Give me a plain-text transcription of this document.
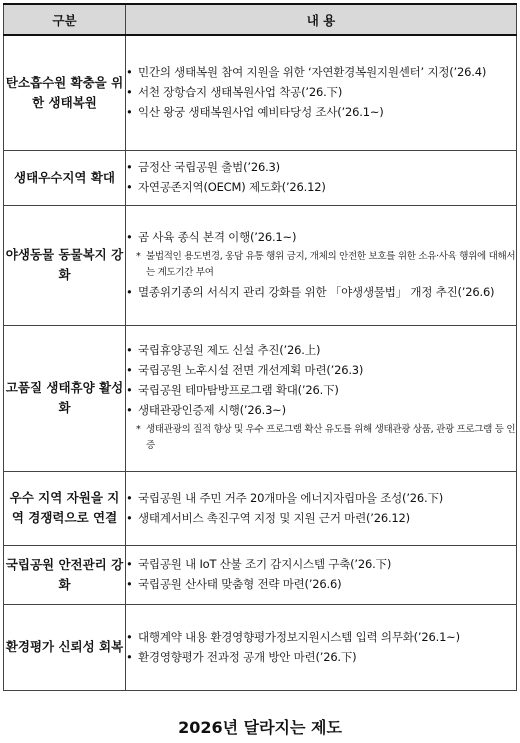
구분	내 용
탄소흡수원 확충을 위한 생태복원	• 민간의 생태복원 참여 지원을 위한 ‘자연환경복원지원센터’ 지정(’26.4)
• 서천 장항습지 생태복원사업 착공(’26.下)
• 익산 왕궁 생태복원사업 예비타당성 조사(’26.1~)

생태우수지역 확대	• 금정산 국립공원 출범(’26.3)
• 자연공존지역(OECM) 제도화(’26.12)

야생동물 동물복지 강화	• 곰 사육 종식 본격 이행(’26.1~)
* 불법적인 용도변경, 웅담 유통 행위 금지, 개체의 안전한 보호를 위한 소유·사육 행위에 대해서는 계도기간 부여
• 멸종위기종의 서식지 관리 강화를 위한 「야생생물법」 개정 추진(’26.6)

고품질 생태휴양 활성화	• 국립휴양공원 제도 신설 추진(’26.上)
• 국립공원 노후시설 전면 개선계획 마련(’26.3)
• 국립공원 테마탐방프로그램 확대(’26.下)
• 생태관광인증제 시행(’26.3~)
* 생태관광의 질적 향상 및 우수 프로그램 확산 유도를 위해 생태관광 상품, 관광 프로그램 등 인증

우수 지역 자원을 지역 경쟁력으로 연결	• 국립공원 내 주민 거주 20개마을 에너지자립마을 조성(’26.下)
• 생태계서비스 촉진구역 지정 및 지원 근거 마련(’26.12)

국립공원 안전관리 강화	• 국립공원 내 IoT 산불 조기 감지시스템 구축(’26.下)
• 국립공원 산사태 맞춤형 전략 마련(’26.6)

환경평가 신뢰성 회복	• 대행계약 내용 환경영향평가정보지원시스템 입력 의무화(’26.1~)
• 환경영향평가 전과정 공개 방안 마련(’26.下)
2026년 달라지는 제도
